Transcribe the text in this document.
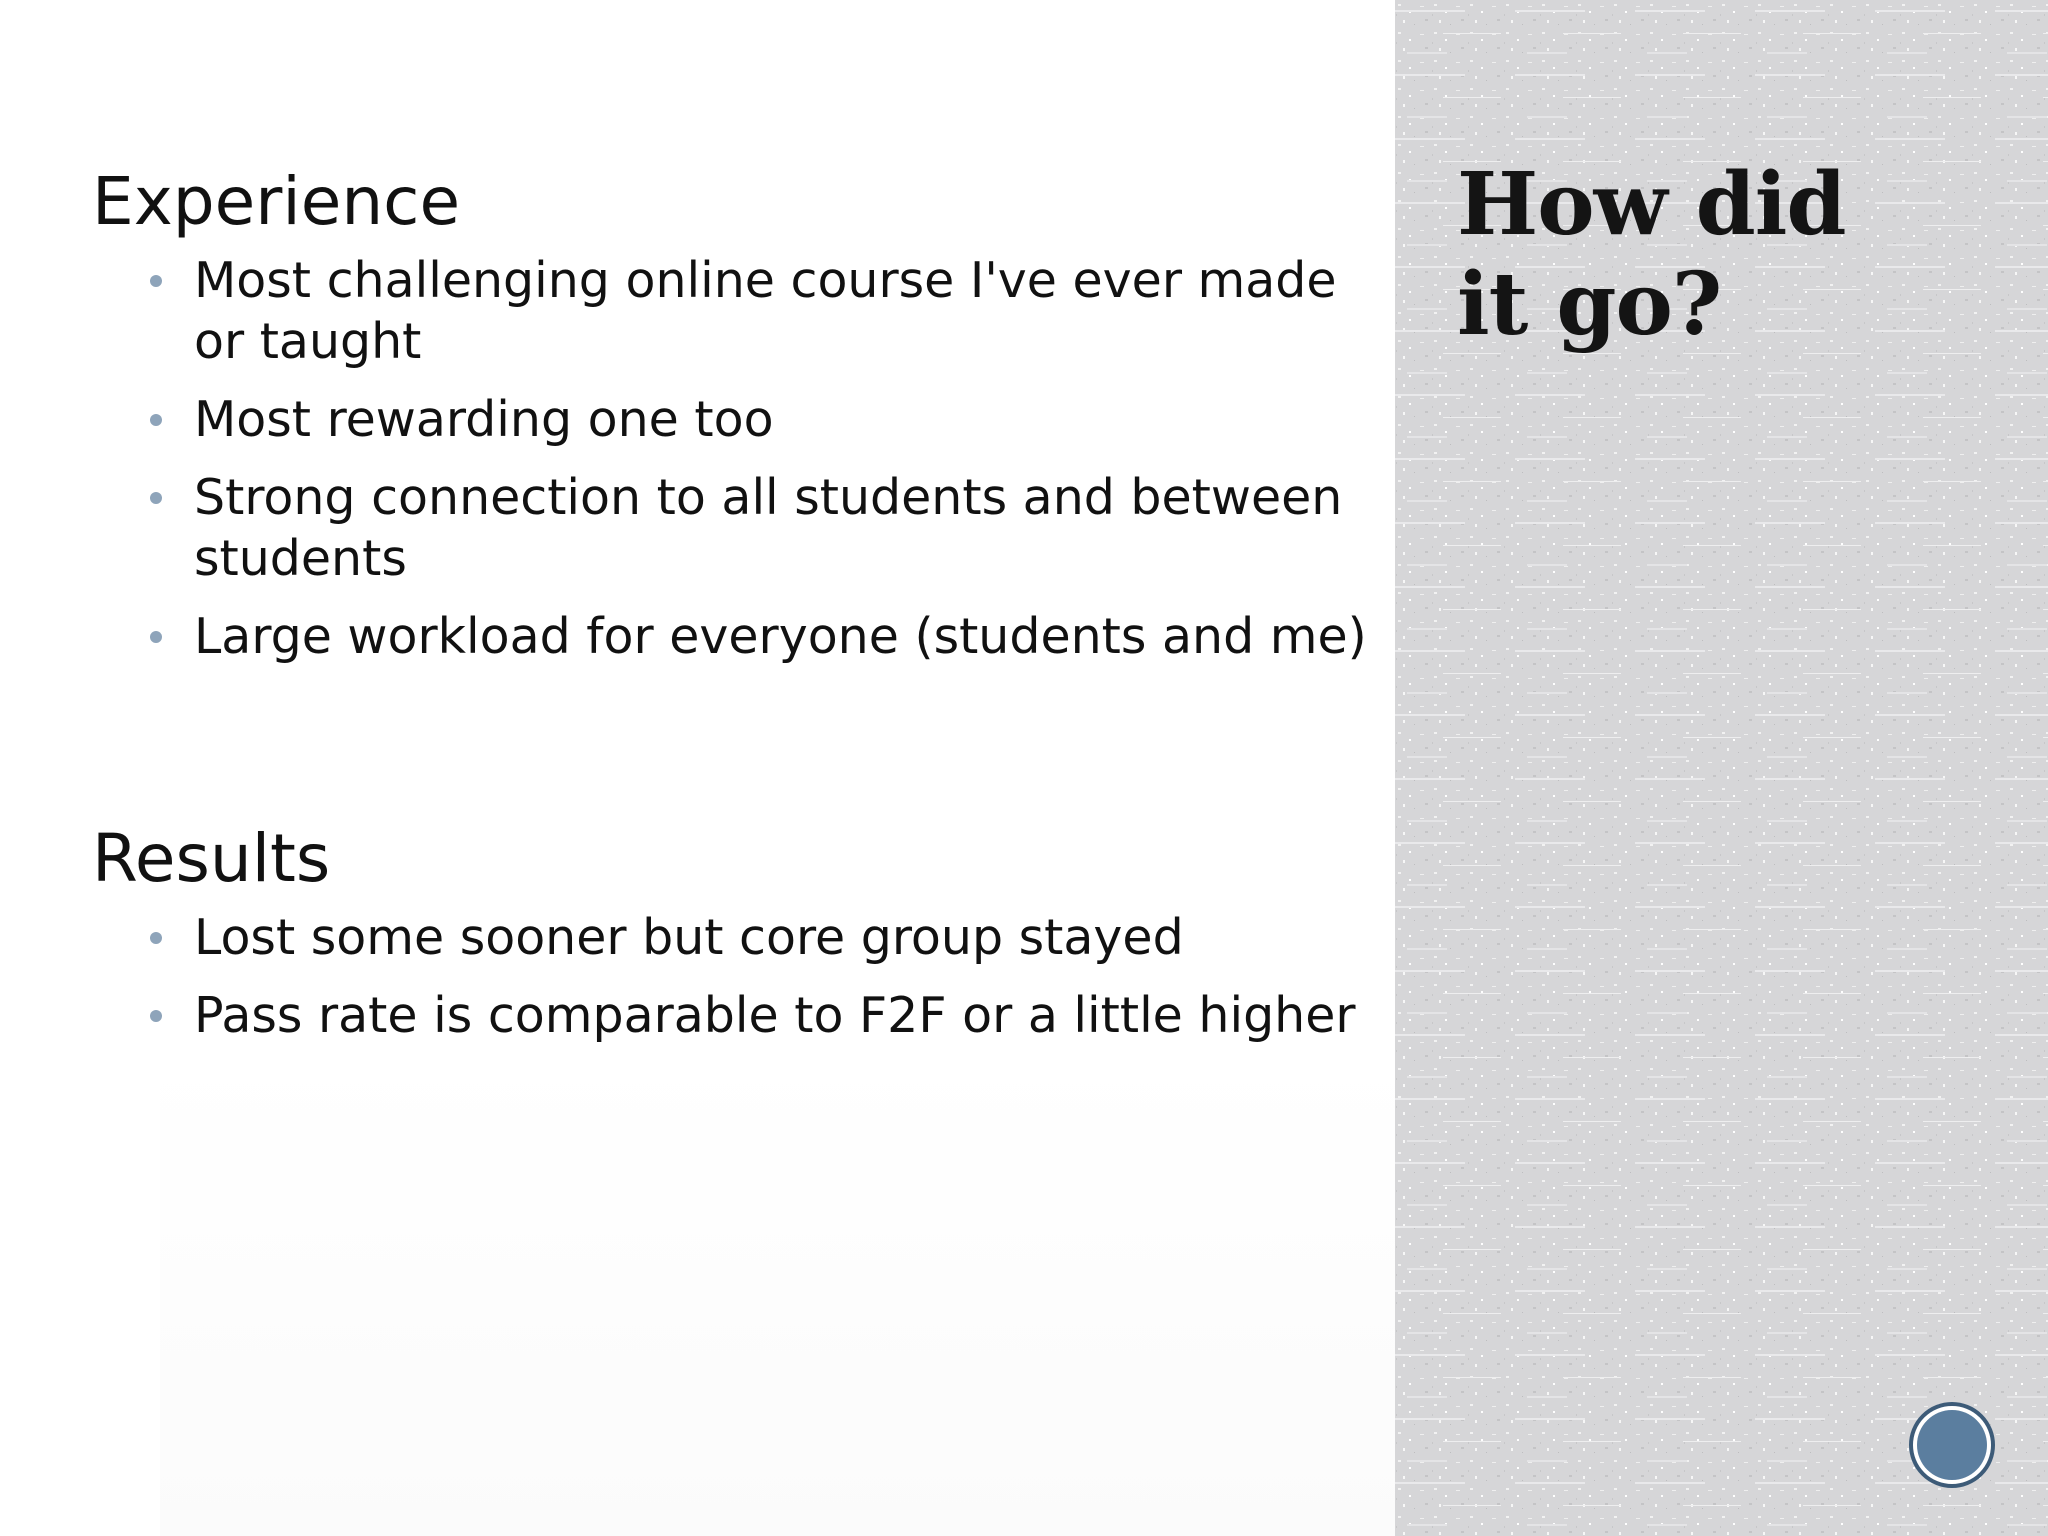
Experience
Most challenging online course I've ever made or taught
Most rewarding one too
Strong connection to all students and between students
Large workload for everyone (students and me)
Results
Lost some sooner but core group stayed
Pass rate is comparable to F2F or a little higher
How did
it go?
